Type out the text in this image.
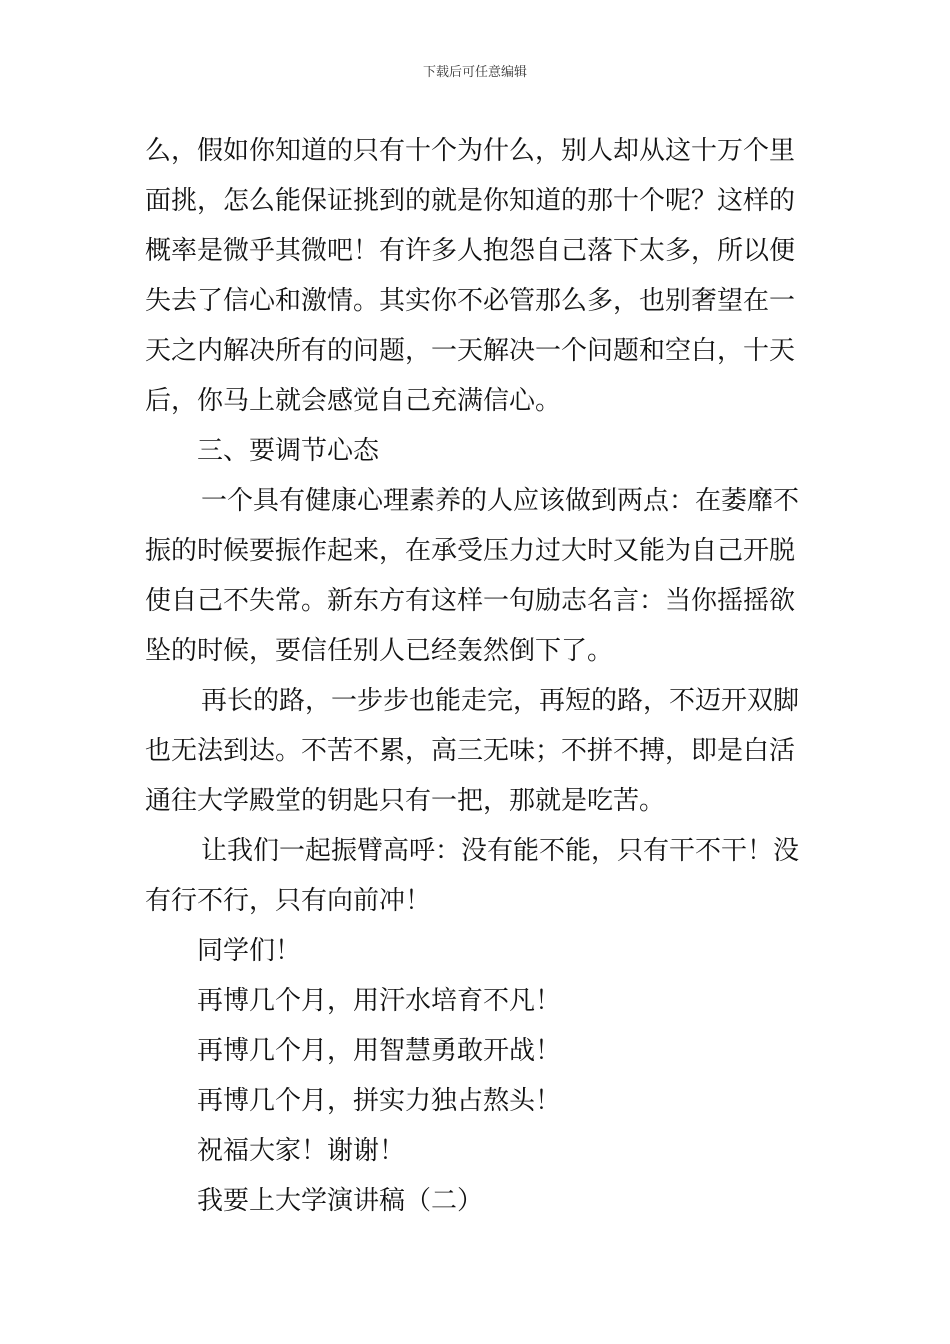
下载后可任意编辑
么，假如你知道的只有十个为什么，别人却从这十万个里
面挑，怎么能保证挑到的就是你知道的那十个呢？这样的
概率是微乎其微吧！有许多人抱怨自己落下太多，所以便
失去了信心和激情。其实你不必管那么多，也别奢望在一
天之内解决所有的问题，一天解决一个问题和空白，十天
后，你马上就会感觉自己充满信心。
三、要调节心态
一个具有健康心理素养的人应该做到两点：在萎靡不
振的时候要振作起来，在承受压力过大时又能为自己开脱
使自己不失常。新东方有这样一句励志名言：当你摇摇欲
坠的时候，要信任别人已经轰然倒下了。
再长的路，一步步也能走完，再短的路，不迈开双脚
也无法到达。不苦不累，高三无味；不拼不搏，即是白活
通往大学殿堂的钥匙只有一把，那就是吃苦。
让我们一起振臂高呼：没有能不能，只有干不干！没
有行不行，只有向前冲！
同学们！
再博几个月，用汗水培育不凡！
再博几个月，用智慧勇敢开战！
再博几个月，拼实力独占熬头！
祝福大家！谢谢！
我要上大学演讲稿（二）
